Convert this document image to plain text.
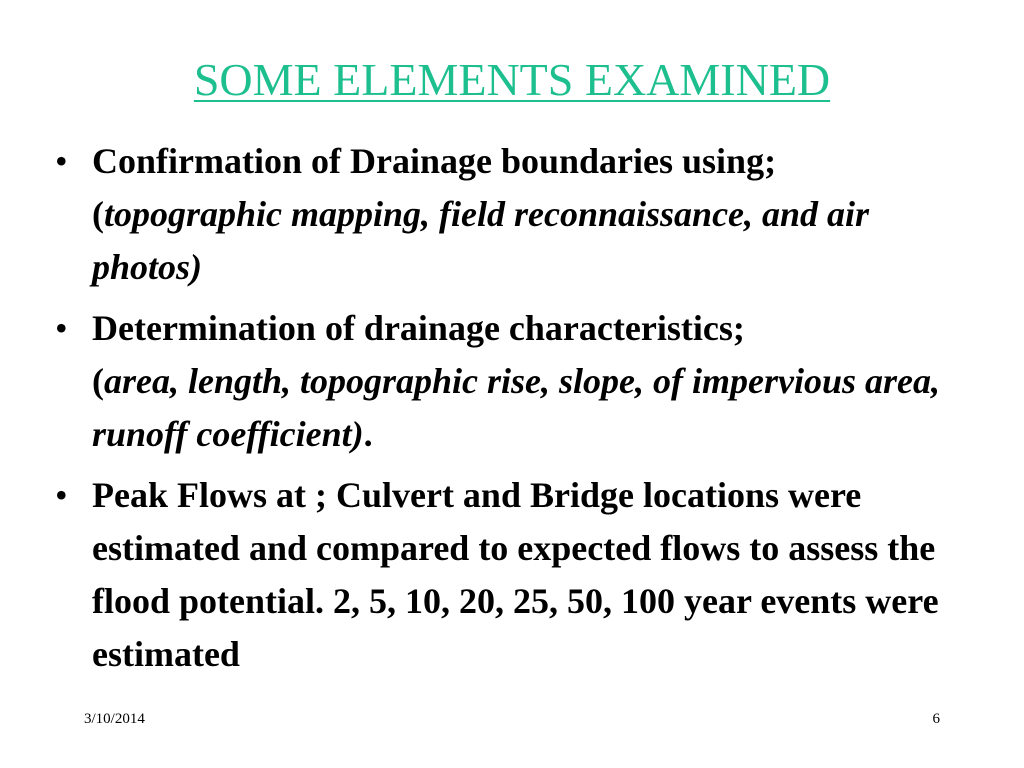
SOME ELEMENTS EXAMINED
• Confirmation of Drainage boundaries using;
(topographic mapping, field reconnaissance, and air photos)
• Determination of drainage characteristics;
(area, length, topographic rise, slope, of impervious area, runoff coefficient).
• Peak Flows at ; Culvert and Bridge locations were estimated and compared to expected flows to assess the flood potential. 2, 5, 10, 20, 25, 50, 100 year events were estimated
3/10/2014	6
